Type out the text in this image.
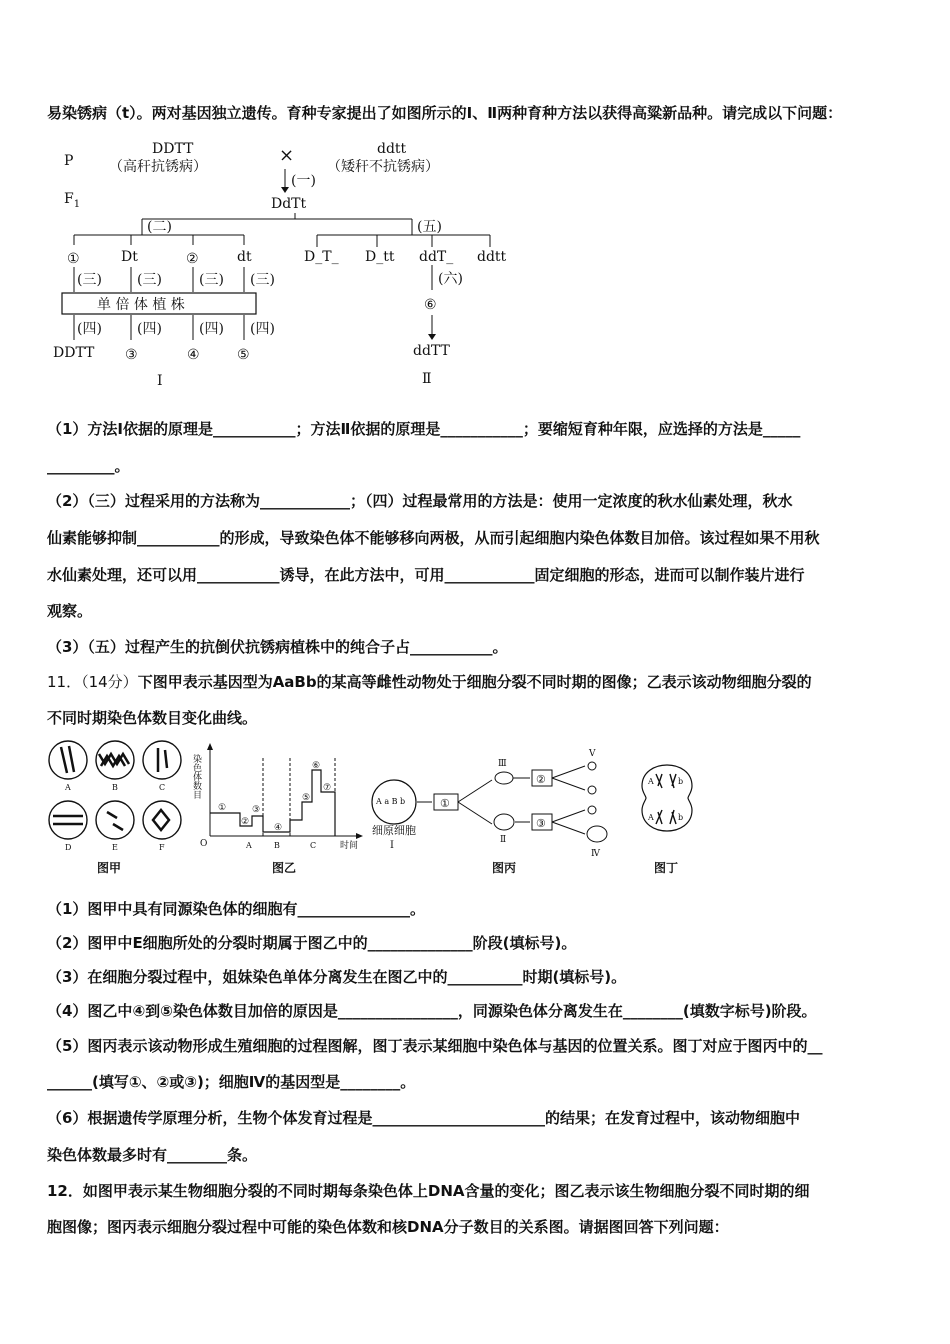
易染锈病（t）。两对基因独立遗传。育种专家提出了如图所示的Ⅰ、Ⅱ两种育种方法以获得高粱新品种。请完成以下问题：
P
$F_1$
DDTT
（高秆抗锈病）
×	ddtt
（矮秆不抗锈病）
(一)
DdTt
(二)	(五)
①	Dt	②	dt
(三)	(三)	(三) (三)
单 倍 体 植 株
(四)	(四)	(四) (四)
DDTT ③	④	⑤
Ⅰ
D_T_ D_tt ddT_ ddtt
(六)
⑥
ddTT
Ⅱ
（1）方法Ⅰ依据的原理是___________；方法Ⅱ依据的原理是___________；要缩短育种年限，应选择的方法是_____
_________。
（2）（三）过程采用的方法称为____________；（四）过程最常用的方法是：使用一定浓度的秋水仙素处理，秋水
仙素能够抑制___________的形成，导致染色体不能够移向两极，从而引起细胞内染色体数目加倍。该过程如果不用秋
水仙素处理，还可以用___________诱导，在此方法中，可用____________固定细胞的形态，进而可以制作装片进行
观察。
（3）（五）过程产生的抗倒伏抗锈病植株中的纯合子占___________。
11．（14分）下图甲表示基因型为AaBb的某高等雌性动物处于细胞分裂不同时期的图像；乙表示该动物细胞分裂的
不同时期染色体数目变化曲线。
A	B	C
D	E	F
图甲
染色体数目
O	时间
①
②
③
④
⑤
⑥
⑦
A	B	C
图乙
A a B b
细原细胞
Ⅰ
①
Ⅲ
Ⅱ
②
③
Ⅴ
Ⅳ
图丙
A	b
A	b
图丁
（1）图甲中具有同源染色体的细胞有_______________。
（2）图甲中E细胞所处的分裂时期属于图乙中的______________阶段(填标号)。
（3）在细胞分裂过程中，姐妹染色单体分离发生在图乙中的__________时期(填标号)。
（4）图乙中④到⑤染色体数目加倍的原因是________________，同源染色体分离发生在________(填数字标号)阶段。
（5）图丙表示该动物形成生殖细胞的过程图解，图丁表示某细胞中染色体与基因的位置关系。图丁对应于图丙中的__
______(填写①、②或③)；细胞Ⅳ的基因型是________。
（6）根据遗传学原理分析，生物个体发育过程是_______________________的结果；在发育过程中，该动物细胞中
染色体数最多时有________条。
12．如图甲表示某生物细胞分裂的不同时期每条染色体上DNA含量的变化；图乙表示该生物细胞分裂不同时期的细
胞图像；图丙表示细胞分裂过程中可能的染色体数和核DNA分子数目的关系图。请据图回答下列问题：
